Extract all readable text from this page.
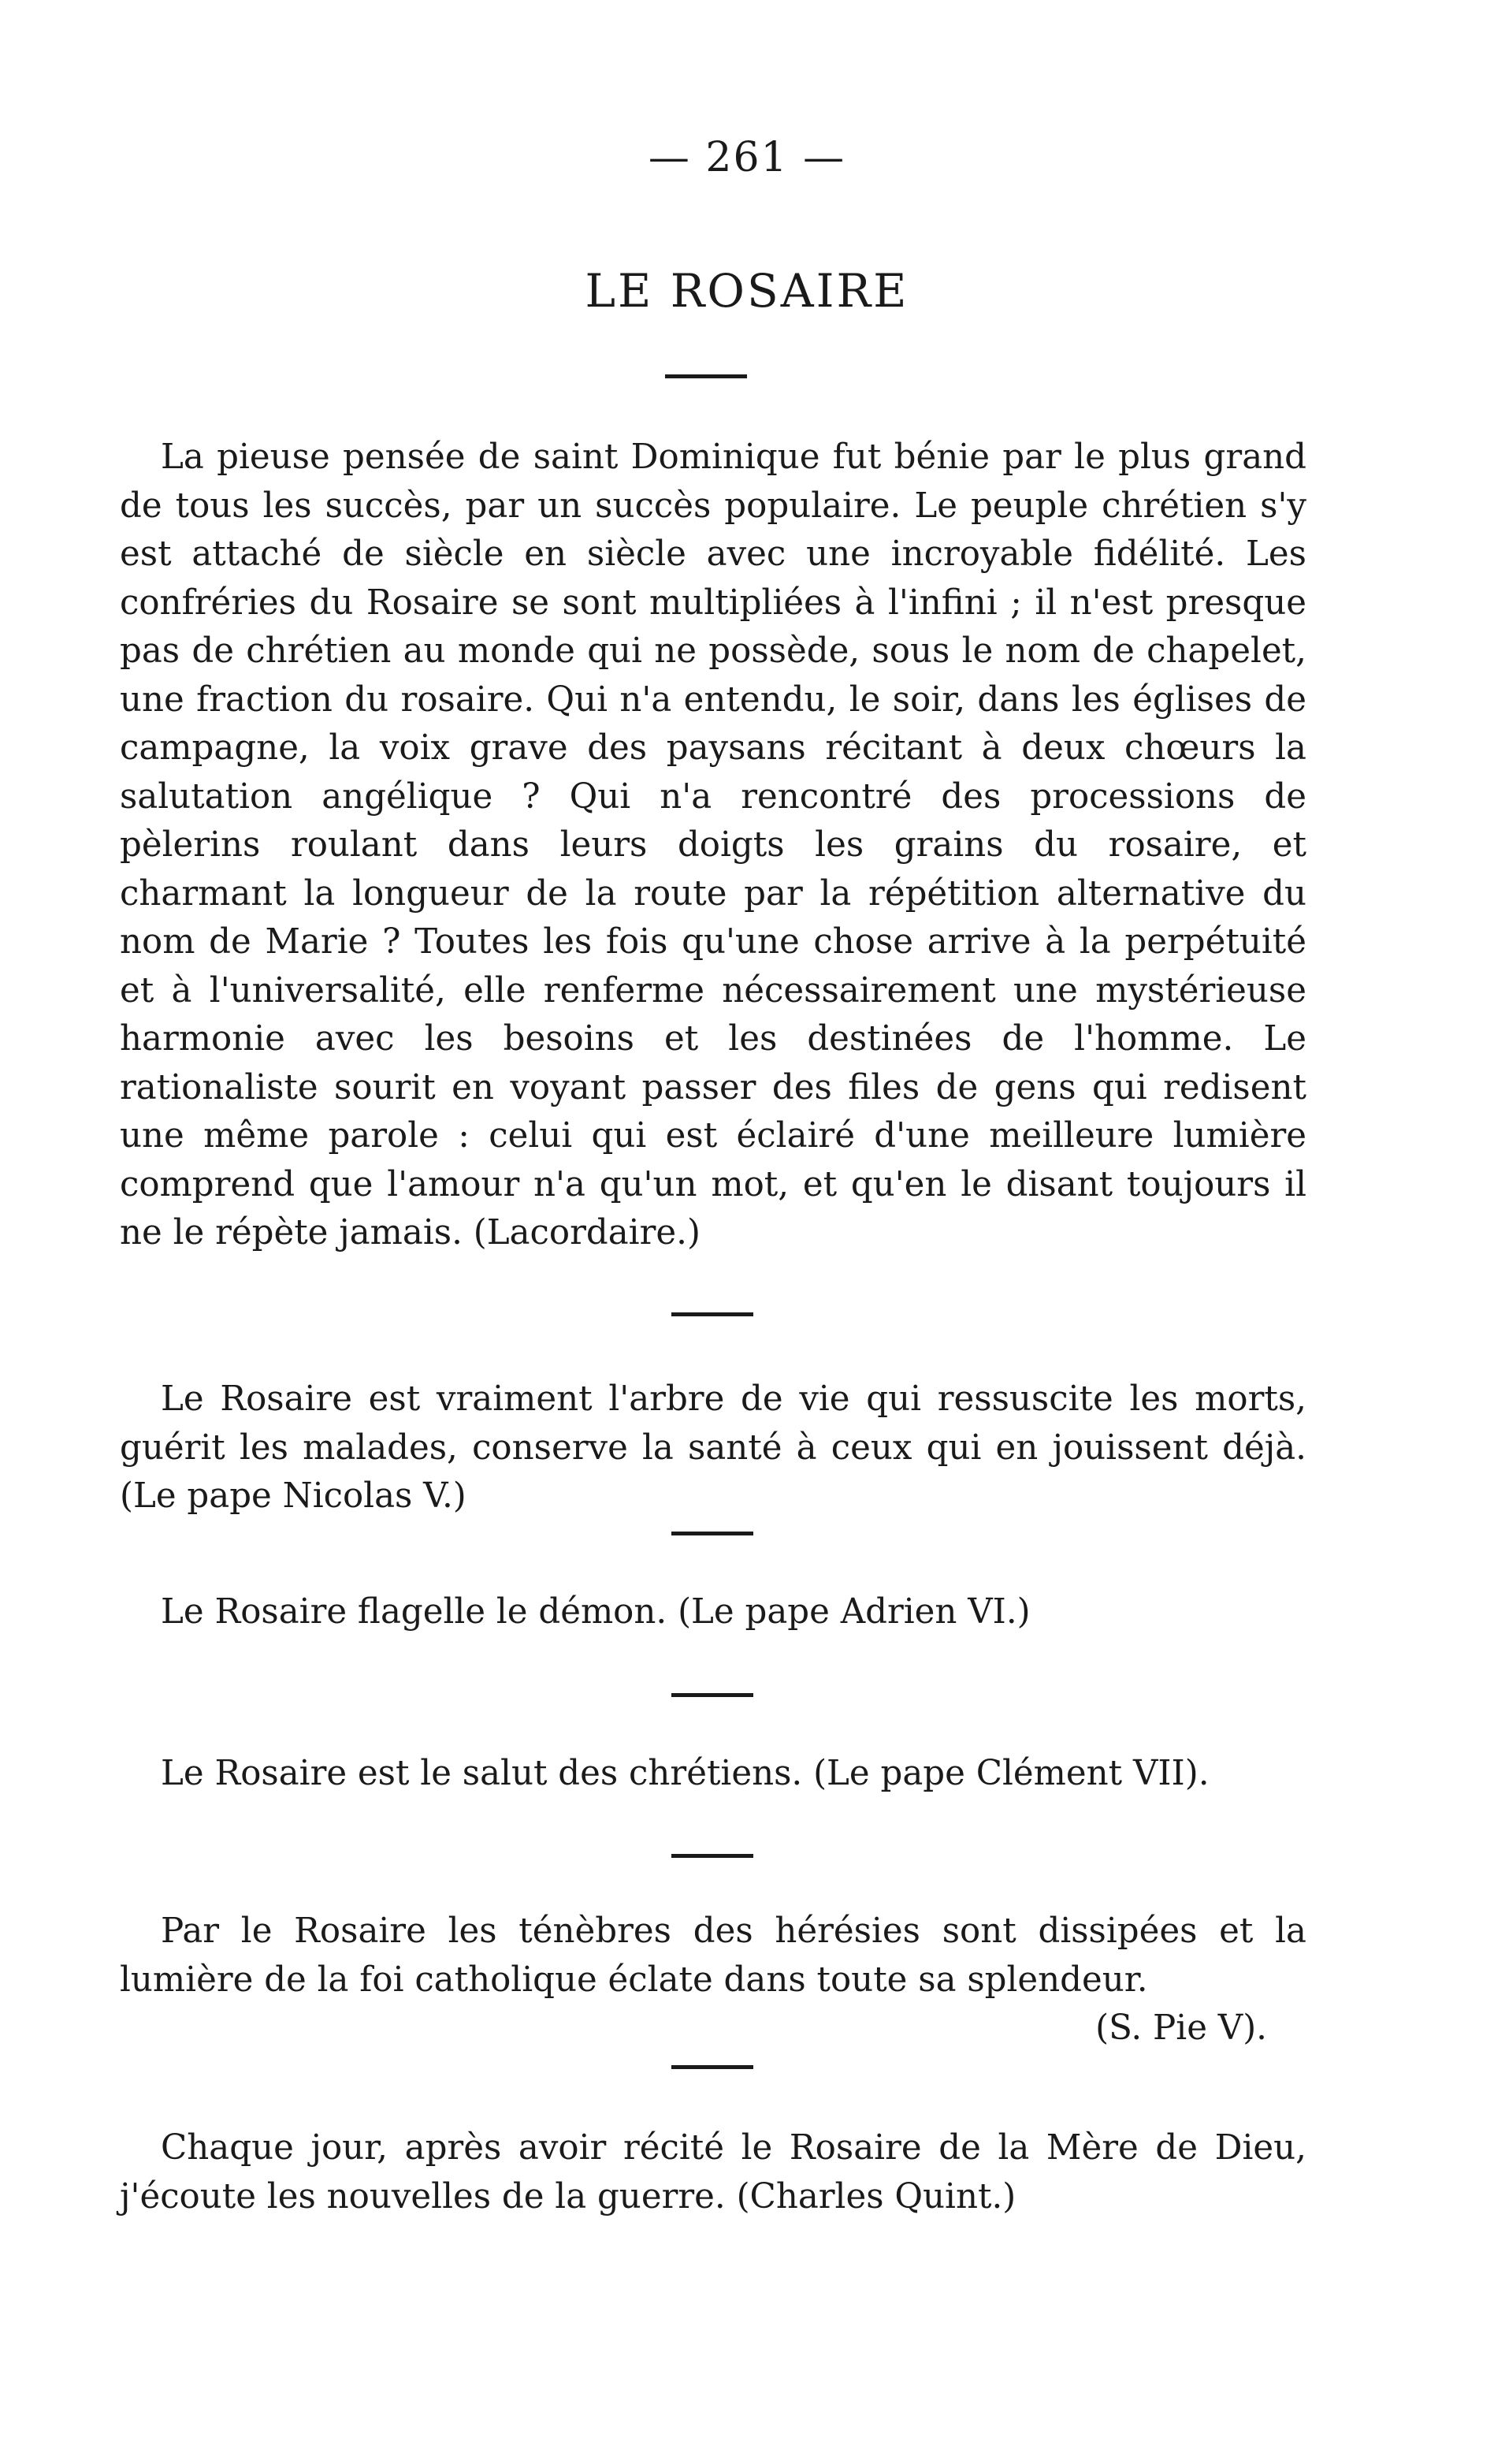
— 261 —
LE ROSAIRE

La pieuse pensée de saint Dominique fut bénie par le plus grand de tous les succès, par un succès populaire. Le peuple chrétien s'y est attaché de siècle en siècle avec une incroyable fidélité. Les confréries du Rosaire se sont multipliées à l'infini ; il n'est presque pas de chrétien au monde qui ne possède, sous le nom de chapelet, une fraction du rosaire. Qui n'a entendu, le soir, dans les églises de campagne, la voix grave des paysans récitant à deux chœurs la salutation angélique ? Qui n'a rencontré des processions de pèlerins roulant dans leurs doigts les grains du rosaire, et charmant la longueur de la route par la répétition alternative du nom de Marie ? Toutes les fois qu'une chose arrive à la perpétuité et à l'universalité, elle renferme nécessairement une mystérieuse harmonie avec les besoins et les destinées de l'homme. Le rationaliste sourit en voyant passer des files de gens qui redisent une même parole : celui qui est éclairé d'une meilleure lumière comprend que l'amour n'a qu'un mot, et qu'en le disant toujours il ne le répète jamais. (Lacordaire.)

Le Rosaire est vraiment l'arbre de vie qui ressuscite les morts, guérit les malades, conserve la santé à ceux qui en jouissent déjà. (Le pape Nicolas V.)

Le Rosaire flagelle le démon. (Le pape Adrien VI.)

Le Rosaire est le salut des chrétiens. (Le pape Clément VII).

Par le Rosaire les ténèbres des hérésies sont dissipées et la lumière de la foi catholique éclate dans toute sa splendeur.
(S. Pie V).

Chaque jour, après avoir récité le Rosaire de la Mère de Dieu, j'écoute les nouvelles de la guerre. (Charles Quint.)
